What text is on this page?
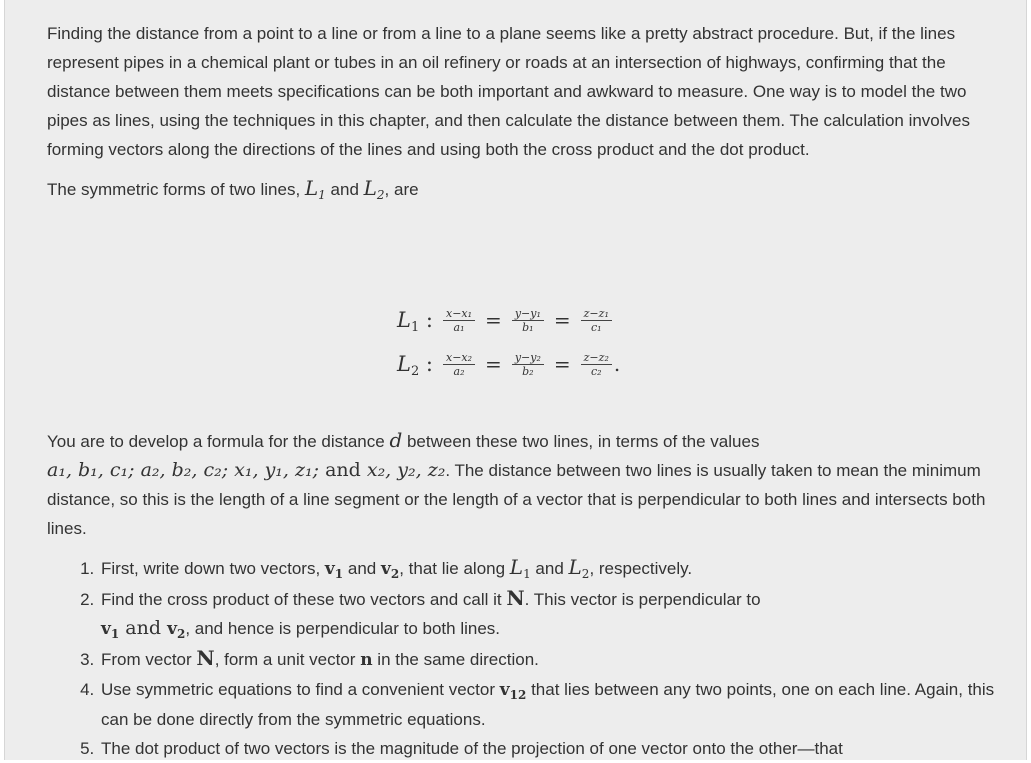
Finding the distance from a point to a line or from a line to a plane seems like a pretty abstract procedure. But, if the lines represent pipes in a chemical plant or tubes in an oil refinery or roads at an intersection of highways, confirming that the distance between them meets specifications can be both important and awkward to measure. One way is to model the two pipes as lines, using the techniques in this chapter, and then calculate the distance between them. The calculation involves forming vectors along the directions of the lines and using both the cross product and the dot product.

The symmetric forms of two lines, $L_1$ and $L_2$, are

$L_1$ : $\frac{\text{x−x₁}}{\text{a₁}} = \frac{\text{y−y₁}}{\text{b₁}} = \frac{\text{z−z₁}}{\text{c₁}}$
$L_2$ : $\frac{\text{x−x₂}}{\text{a₂}} = \frac{\text{y−y₂}}{\text{b₂}} = \frac{\text{z−z₂}}{\text{c₂}}$ .

You are to develop a formula for the distance d between these two lines, in terms of the values
a₁, b₁, c₁; a₂, b₂, c₂; x₁, y₁, z₁; and x₂, y₂, z₂. The distance between two lines is usually taken to mean the minimum distance, so this is the length of a line segment or the length of a vector that is perpendicular to both lines and intersects both lines.

1. First, write down two vectors, $v_1$ and $v_2$, that lie along $L_1$ and $L_2$, respectively.
2. Find the cross product of these two vectors and call it N. This vector is perpendicular to
$v_1$ and $v_2$, and hence is perpendicular to both lines.
3. From vector N, form a unit vector n in the same direction.
4. Use symmetric equations to find a convenient vector $v_{12}$ that lies between any two points, one on each line. Again, this can be done directly from the symmetric equations.
5. The dot product of two vectors is the magnitude of the projection of one vector onto the other—that
